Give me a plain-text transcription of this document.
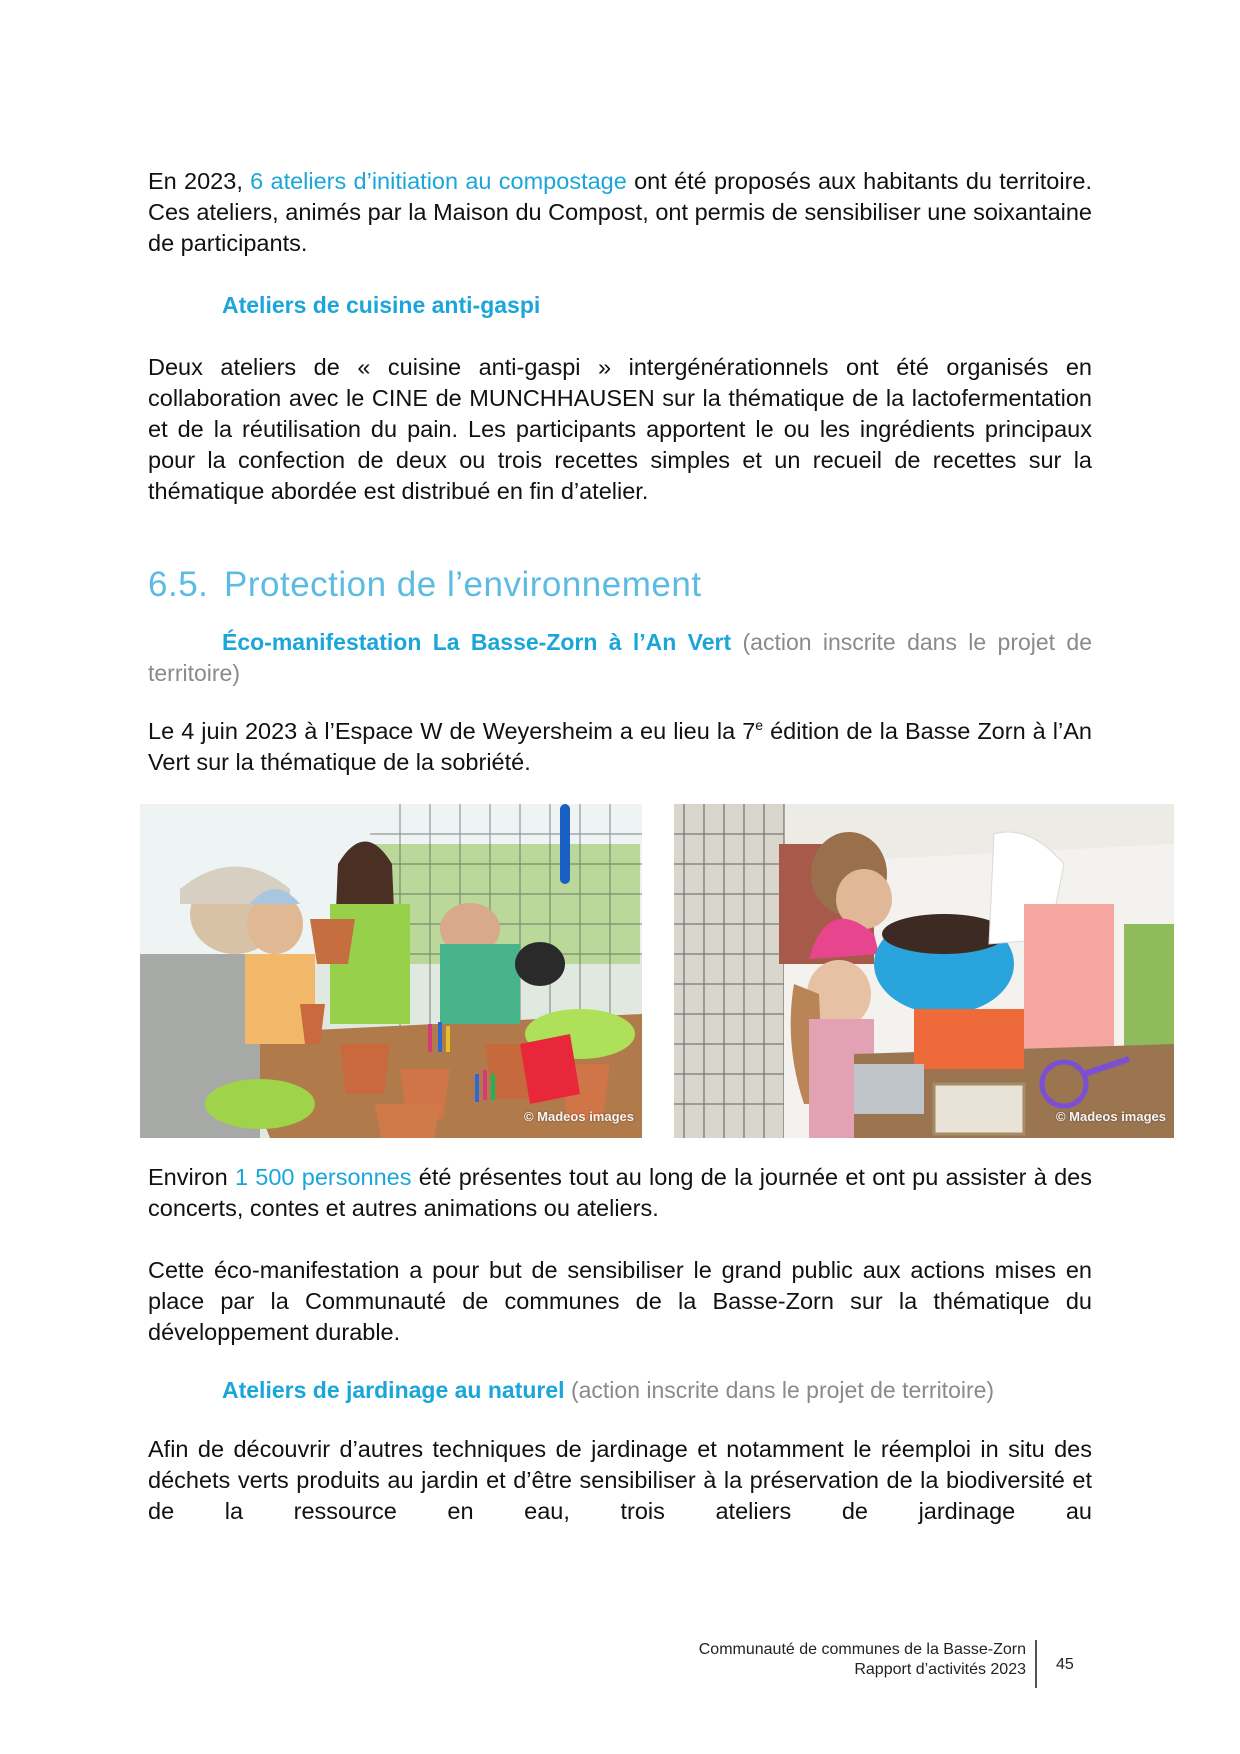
En 2023, 6 ateliers d’initiation au compostage ont été proposés aux habitants du territoire. Ces ateliers, animés par la Maison du Compost, ont permis de sensibiliser une soixantaine de participants.

Ateliers de cuisine anti-gaspi

Deux ateliers de « cuisine anti-gaspi » intergénérationnels ont été organisés en collaboration avec le CINE de MUNCHHAUSEN sur la thématique de la lactofermentation et de la réutilisation du pain. Les participants apportent le ou les ingrédients principaux pour la confection de deux ou trois recettes simples et un recueil de recettes sur la thématique abordée est distribué en fin d’atelier.

6.5. Protection de l’environnement

Éco-manifestation La Basse-Zorn à l’An Vert (action inscrite dans le projet de territoire)

Le 4 juin 2023 à l’Espace W de Weyersheim a eu lieu la 7e édition de la Basse Zorn à l’An Vert sur la thématique de la sobriété.

© Madeos images	© Madeos images

Environ 1 500 personnes été présentes tout au long de la journée et ont pu assister à des concerts, contes et autres animations ou ateliers.

Cette éco-manifestation a pour but de sensibiliser le grand public aux actions mises en place par la Communauté de communes de la Basse-Zorn sur la thématique du développement durable.

Ateliers de jardinage au naturel (action inscrite dans le projet de territoire)

Afin de découvrir d’autres techniques de jardinage et notamment le réemploi in situ des déchets verts produits au jardin et d’être sensibiliser à la préservation de la biodiversité et de la ressource en eau, trois ateliers de jardinage au

Communauté de communes de la Basse-Zorn
Rapport d’activités 2023 45
